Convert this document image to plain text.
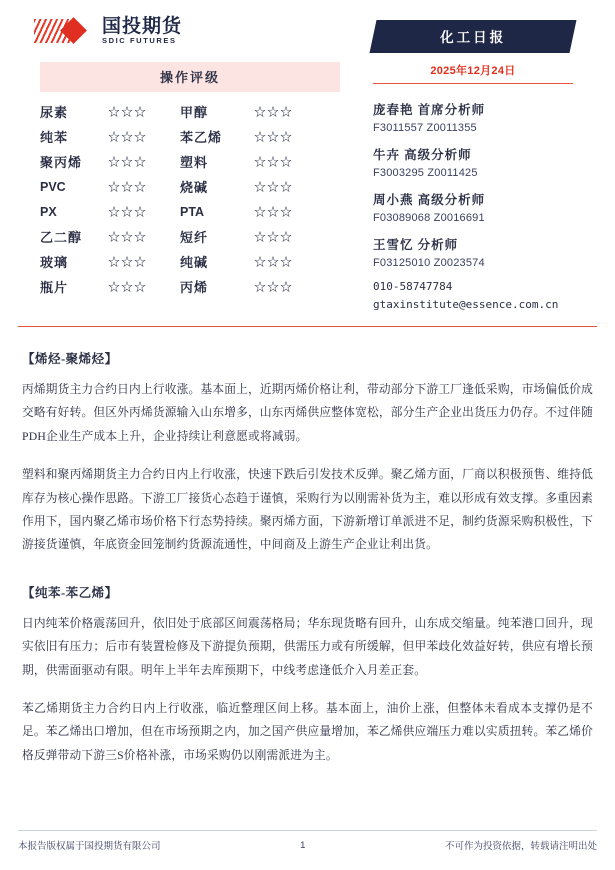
国投期货
SDIC FUTURES
操作评级
尿素	☆☆☆	甲醇	☆☆☆
纯苯	☆☆☆	苯乙烯	☆☆☆
聚丙烯	☆☆☆	塑料	☆☆☆
PVC	☆☆☆	烧碱	☆☆☆
PX	☆☆☆	PTA	☆☆☆
乙二醇	☆☆☆	短纤	☆☆☆
玻璃	☆☆☆	纯碱	☆☆☆
瓶片	☆☆☆	丙烯	☆☆☆
化工日报
2025年12月24日
庞春艳 首席分析师
F3011557 Z0011355
牛卉 高级分析师
F3003295 Z0011425
周小燕 高级分析师
F03089068 Z0016691
王雪忆 分析师
F03125010 Z0023574
010-58747784
gtaxinstitute@essence.com.cn
【烯烃-聚烯烃】

丙烯期货主力合约日内上行收涨。基本面上，近期丙烯价格让利，带动部分下游工厂逢低采购，市场偏低价成交略有好转。但区外丙烯货源输入山东增多，山东丙烯供应整体宽松，部分生产企业出货压力仍存。不过伴随PDH企业生产成本上升，企业持续让利意愿或将减弱。

塑料和聚丙烯期货主力合约日内上行收涨，快速下跌后引发技术反弹。聚乙烯方面，厂商以积极预售、维持低库存为核心操作思路。下游工厂接货心态趋于谨慎，采购行为以刚需补货为主，难以形成有效支撑。多重因素作用下，国内聚乙烯市场价格下行态势持续。聚丙烯方面，下游新增订单派进不足，制约货源采购积极性，下游接货谨慎，年底资金回笼制约货源流通性，中间商及上游生产企业让利出货。

【纯苯-苯乙烯】

日内纯苯价格震荡回升，依旧处于底部区间震荡格局；华东现货略有回升，山东成交缩量。纯苯港口回升，现实依旧有压力；后市有装置检修及下游提负预期，供需压力或有所缓解，但甲苯歧化效益好转，供应有增长预期，供需面驱动有限。明年上半年去库预期下，中线考虑逢低介入月差正套。

苯乙烯期货主力合约日内上行收涨，临近整理区间上移。基本面上，油价上涨，但整体未看成本支撑仍是不足。苯乙烯出口增加，但在市场预期之内，加之国产供应量增加，苯乙烯供应端压力难以实质扭转。苯乙烯价格反弹带动下游三S价格补涨，市场采购仍以刚需派进为主。

本报告版权属于国投期货有限公司	1	不可作为投资依据，转载请注明出处
